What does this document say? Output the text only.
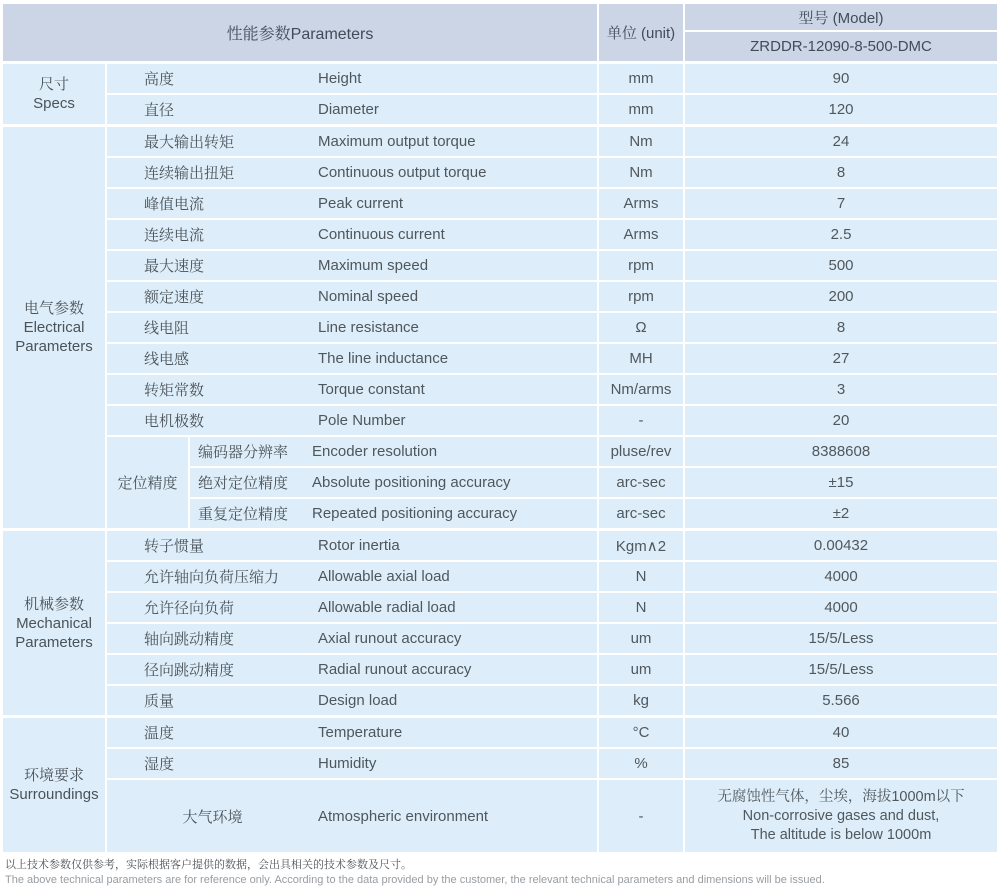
性能参数Parameters	单位 (unit)
型号 (Model)
ZRDDR-12090-8-500-DMC
尺寸
Specs
高度	Height	mm	90
直径	Diameter	mm	120
电气参数
Electrical Parameters
最大输出转矩	Maximum output torque	Nm	24
连续输出扭矩	Continuous output torque	Nm	8
峰值电流	Peak current	Arms	7
连续电流	Continuous current	Arms	2.5
最大速度	Maximum speed	rpm	500
额定速度	Nominal speed	rpm	200
线电阻	Line resistance	Ω	8
线电感	The line inductance	MH	27
转矩常数	Torque constant	Nm/arms	3
电机极数	Pole Number	-	20
定位精度
编码器分辨率	Encoder resolution	pluse/rev	8388608
绝对定位精度	Absolute positioning accuracy	arc-sec	±15
重复定位精度	Repeated positioning accuracy	arc-sec	±2
机械参数
Mechanical Parameters
转子惯量	Rotor inertia	Kgm∧2	0.00432
允许轴向负荷压缩力	Allowable axial load	N	4000
允许径向负荷	Allowable radial load	N	4000
轴向跳动精度	Axial runout accuracy	um	15/5/Less
径向跳动精度	Radial runout accuracy	um	15/5/Less
质量	Design load	kg	5.566
环境要求
Surroundings
温度	Temperature	°C	40
湿度	Humidity	%	85
大气环境	Atmospheric environment	-
无腐蚀性气体，尘埃，海拔1000m以下
Non-corrosive gases and dust,
The altitude is below 1000m
以上技术参数仅供参考，实际根据客户提供的数据，会出具相关的技术参数及尺寸。
The above technical parameters are for reference only. According to the data provided by the customer, the relevant technical parameters and dimensions will be issued.
